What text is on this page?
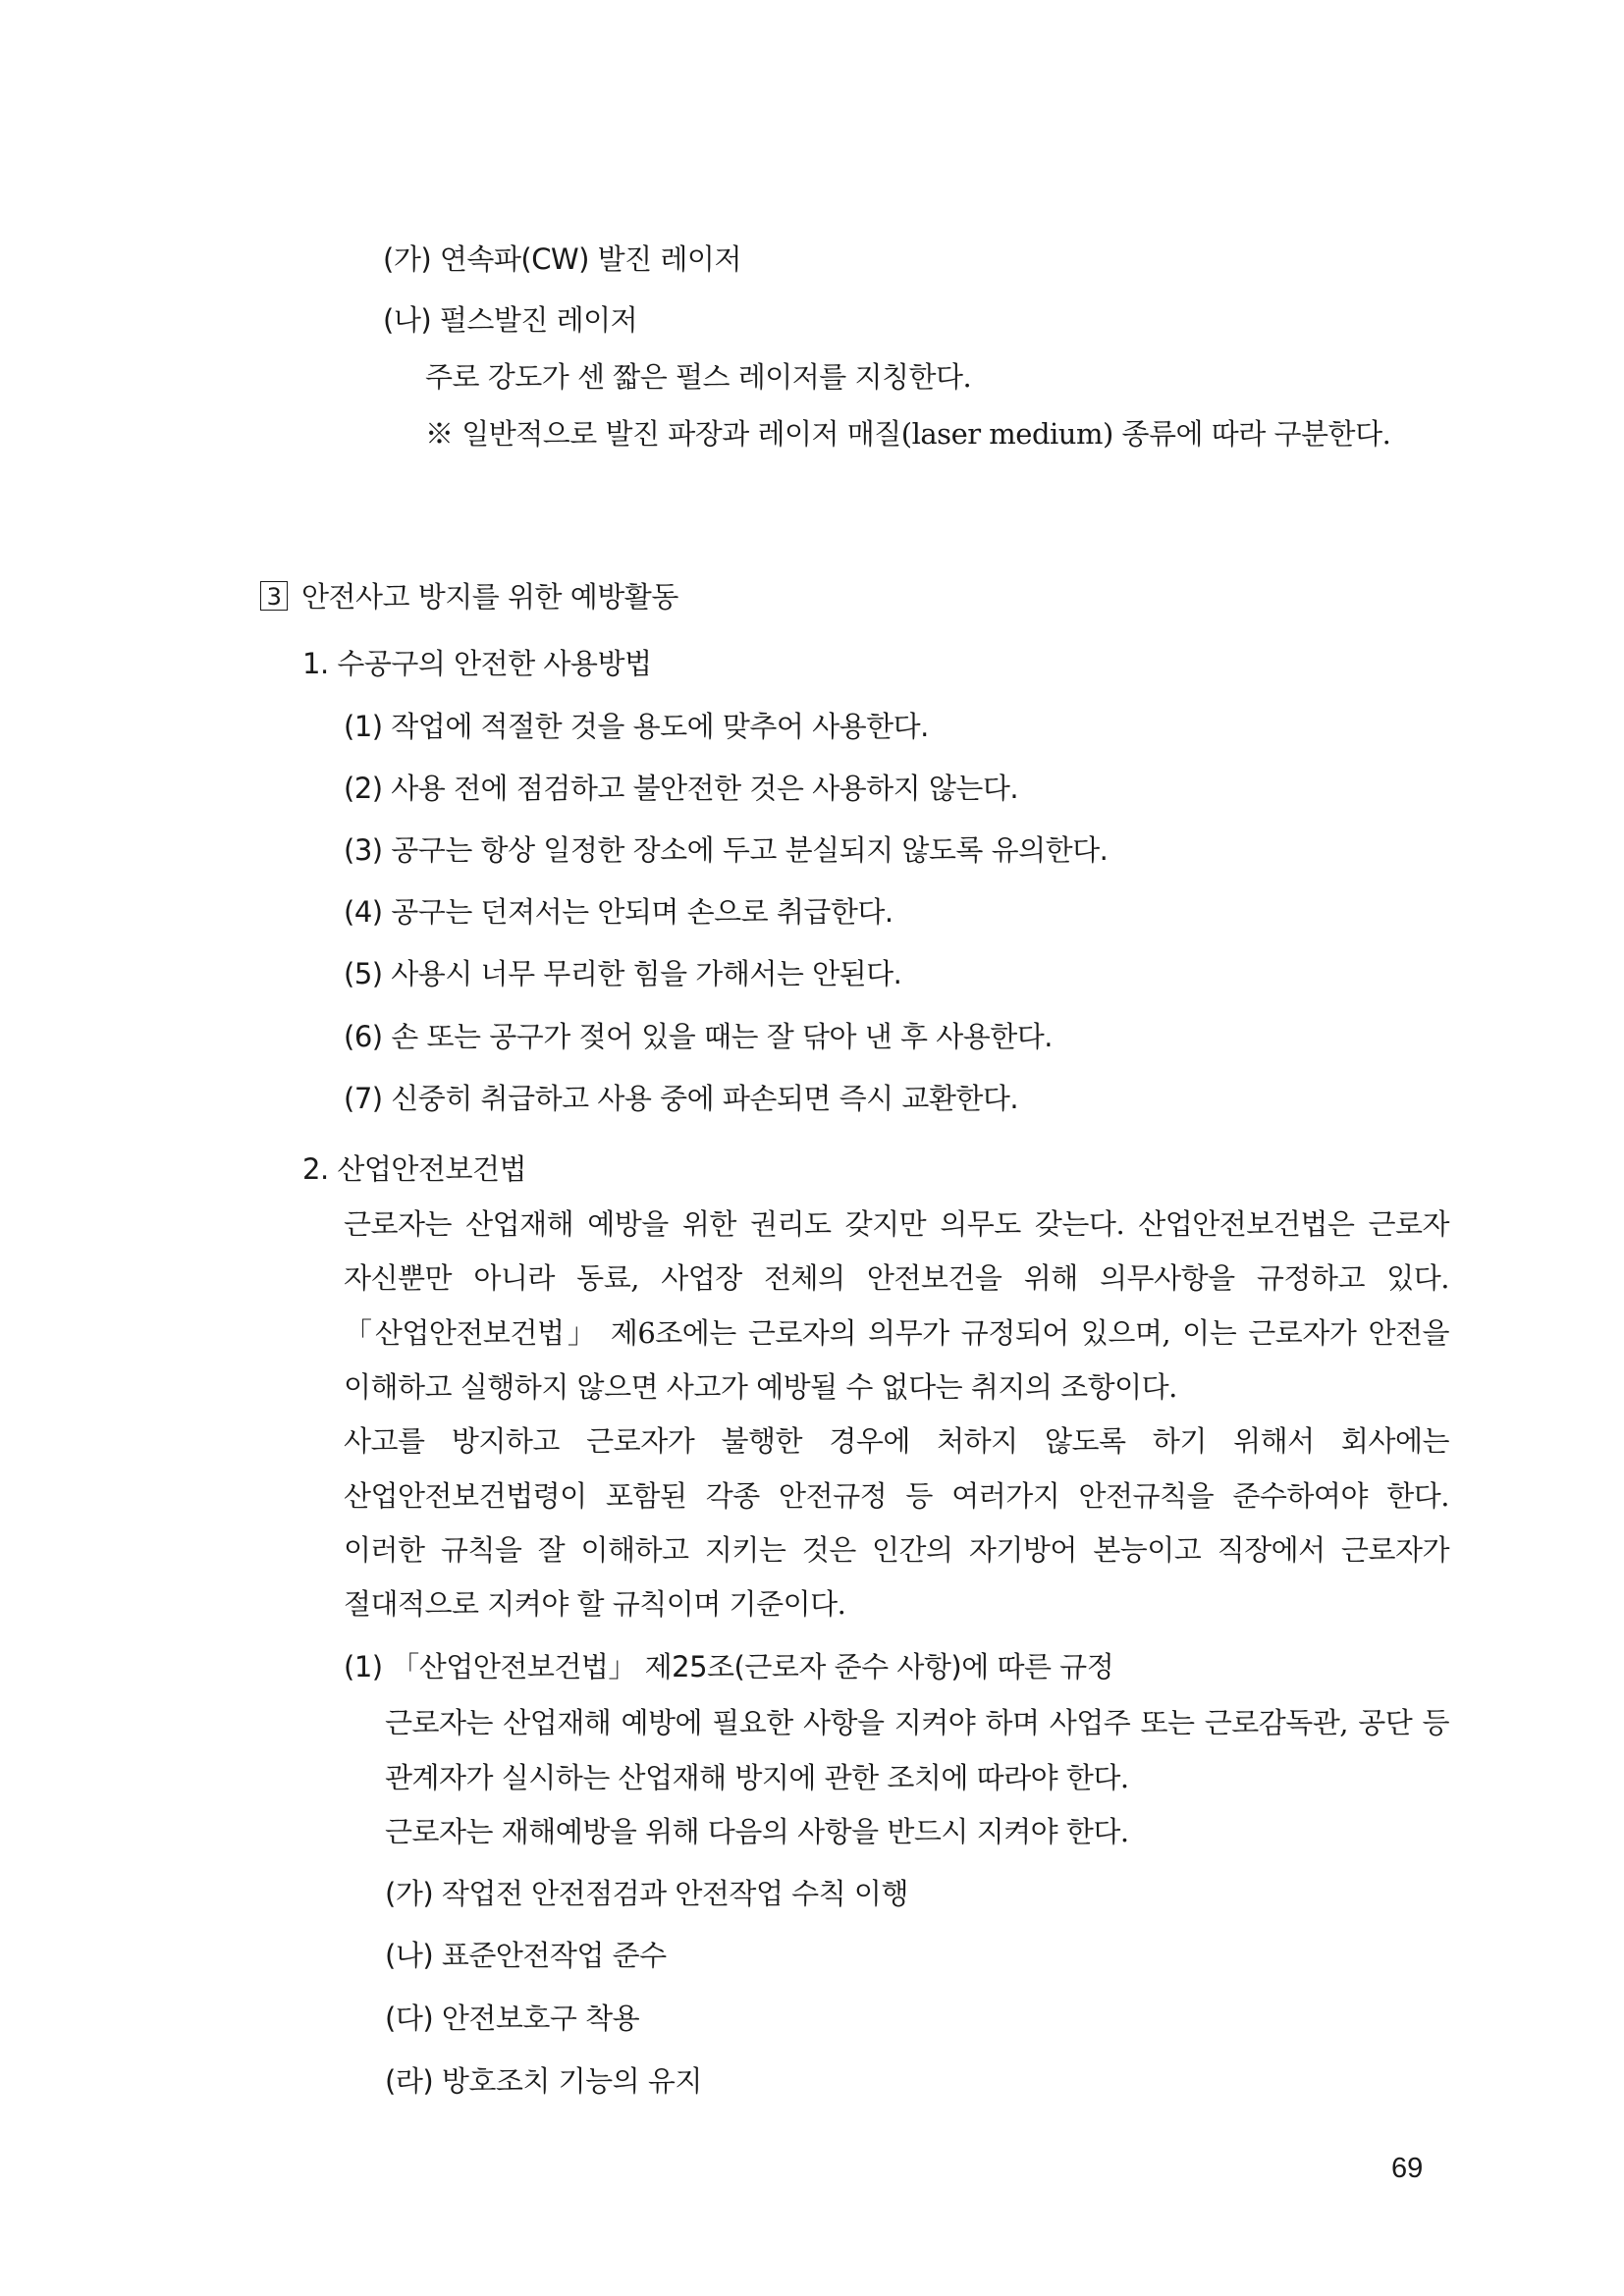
(가) 연속파(CW) 발진 레이저
(나) 펄스발진 레이저
주로 강도가 센 짧은 펄스 레이저를 지칭한다.
※ 일반적으로 발진 파장과 레이저 매질(laser medium) 종류에 따라 구분한다.
3 안전사고 방지를 위한 예방활동
1. 수공구의 안전한 사용방법
(1) 작업에 적절한 것을 용도에 맞추어 사용한다.
(2) 사용 전에 점검하고 불안전한 것은 사용하지 않는다.
(3) 공구는 항상 일정한 장소에 두고 분실되지 않도록 유의한다.
(4) 공구는 던져서는 안되며 손으로 취급한다.
(5) 사용시 너무 무리한 힘을 가해서는 안된다.
(6) 손 또는 공구가 젖어 있을 때는 잘 닦아 낸 후 사용한다.
(7) 신중히 취급하고 사용 중에 파손되면 즉시 교환한다.
2. 산업안전보건법
근로자는 산업재해 예방을 위한 권리도 갖지만 의무도 갖는다. 산업안전보건법은 근로자
자신뿐만 아니라 동료, 사업장 전체의 안전보건을 위해 의무사항을 규정하고 있다.
「산업안전보건법」 제6조에는 근로자의 의무가 규정되어 있으며, 이는 근로자가 안전을
이해하고 실행하지 않으면 사고가 예방될 수 없다는 취지의 조항이다.
사고를 방지하고 근로자가 불행한 경우에 처하지 않도록 하기 위해서 회사에는
산업안전보건법령이 포함된 각종 안전규정 등 여러가지 안전규칙을 준수하여야 한다.
이러한 규칙을 잘 이해하고 지키는 것은 인간의 자기방어 본능이고 직장에서 근로자가
절대적으로 지켜야 할 규칙이며 기준이다.
(1) 「산업안전보건법」 제25조(근로자 준수 사항)에 따른 규정
근로자는 산업재해 예방에 필요한 사항을 지켜야 하며 사업주 또는 근로감독관, 공단 등
관계자가 실시하는 산업재해 방지에 관한 조치에 따라야 한다.
근로자는 재해예방을 위해 다음의 사항을 반드시 지켜야 한다.
(가) 작업전 안전점검과 안전작업 수칙 이행
(나) 표준안전작업 준수
(다) 안전보호구 착용
(라) 방호조치 기능의 유지
69
